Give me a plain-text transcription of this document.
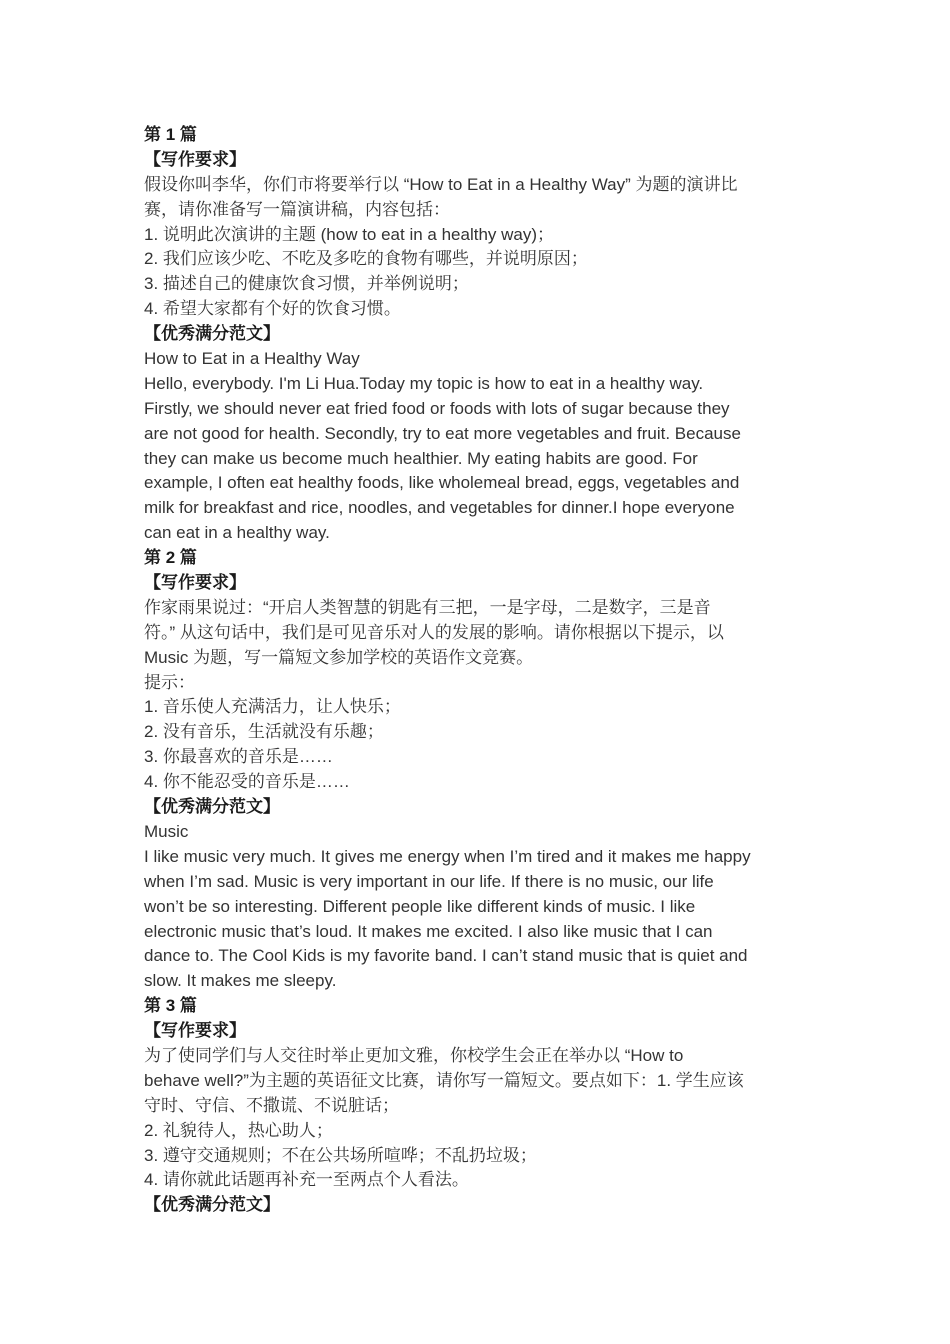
第 1 篇
【写作要求】
假设你叫李华，你们市将要举行以 “How to Eat in a Healthy Way” 为题的演讲比
赛，请你准备写一篇演讲稿，内容包括：
1. 说明此次演讲的主题 (how to eat in a healthy way)；
2. 我们应该少吃、不吃及多吃的食物有哪些，并说明原因；
3. 描述自己的健康饮食习惯，并举例说明；
4. 希望大家都有个好的饮食习惯。
【优秀满分范文】
How to Eat in a Healthy Way
Hello, everybody. I'm Li Hua.Today my topic is how to eat in a healthy way.
Firstly, we should never eat fried food or foods with lots of sugar because they
are not good for health. Secondly, try to eat more vegetables and fruit. Because
they can make us become much healthier. My eating habits are good. For
example, I often eat healthy foods, like wholemeal bread, eggs, vegetables and
milk for breakfast and rice, noodles, and vegetables for dinner.I hope everyone
can eat in a healthy way.
第 2 篇
【写作要求】
作家雨果说过：“开启人类智慧的钥匙有三把，一是字母，二是数字，三是音
符。” 从这句话中，我们是可见音乐对人的发展的影响。请你根据以下提示，以
Music 为题，写一篇短文参加学校的英语作文竞赛。
提示：
1. 音乐使人充满活力，让人快乐；
2. 没有音乐，生活就没有乐趣；
3. 你最喜欢的音乐是……
4. 你不能忍受的音乐是……
【优秀满分范文】
Music
I like music very much. It gives me energy when I’m tired and it makes me happy
when I’m sad. Music is very important in our life. If there is no music, our life
won’t be so interesting. Different people like different kinds of music. I like
electronic music that’s loud. It makes me excited. I also like music that I can
dance to. The Cool Kids is my favorite band. I can’t stand music that is quiet and
slow. It makes me sleepy.
第 3 篇
【写作要求】
为了使同学们与人交往时举止更加文雅，你校学生会正在举办以 “How to
behave well?”为主题的英语征文比赛，请你写一篇短文。要点如下：1. 学生应该
守时、守信、不撒谎、不说脏话；
2. 礼貌待人，热心助人；
3. 遵守交通规则；不在公共场所喧哗；不乱扔垃圾；
4. 请你就此话题再补充一至两点个人看法。
【优秀满分范文】
